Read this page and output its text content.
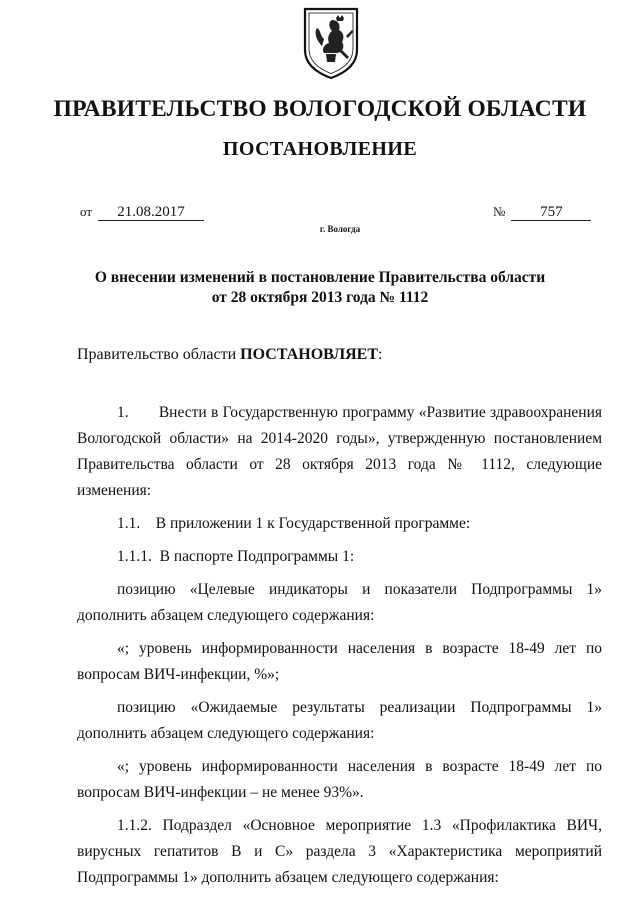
ПРАВИТЕЛЬСТВО ВОЛОГОДСКОЙ ОБЛАСТИ
ПОСТАНОВЛЕНИЕ
от 21.08.2017	№ 757
г. Вологда
О внесении изменений в постановление Правительства области
от 28 октября 2013 года № 1112
Правительство области ПОСТАНОВЛЯЕТ:

1.       Внести в Государственную программу «Развитие здравоохранения Вологодской области» на 2014-2020 годы», утвержденную постановлением Правительства области от 28 октября 2013 года № 1112, следующие изменения:

1.1.    В приложении 1 к Государственной программе:

1.1.1.  В паспорте Подпрограммы 1:

позицию «Целевые индикаторы и показатели Подпрограммы 1» дополнить абзацем следующего содержания:

«; уровень информированности населения в возрасте 18-49 лет по вопросам ВИЧ-инфекции, %»;

позицию «Ожидаемые результаты реализации Подпрограммы 1» дополнить абзацем следующего содержания:

«; уровень информированности населения в возрасте 18-49 лет по вопросам ВИЧ-инфекции – не менее 93%».

1.1.2. Подраздел «Основное мероприятие 1.3 «Профилактика ВИЧ, вирусных гепатитов В и С» раздела 3 «Характеристика мероприятий Подпрограммы 1» дополнить абзацем следующего содержания:
